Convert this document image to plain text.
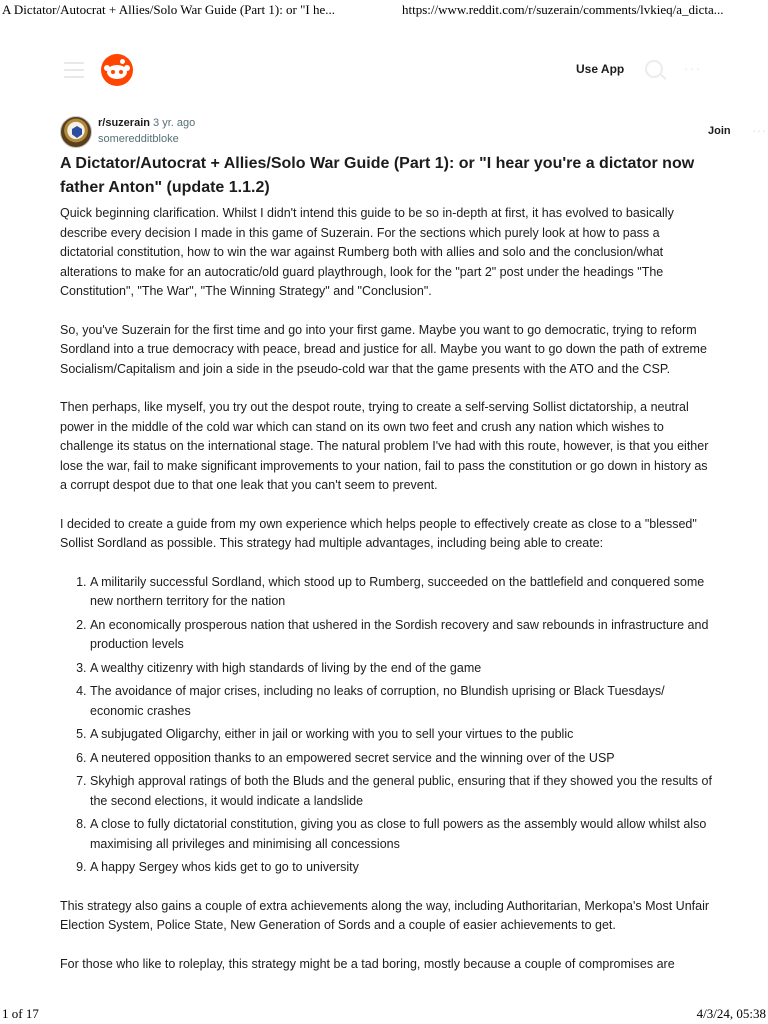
A Dictator/Autocrat + Allies/Solo War Guide (Part 1): or "I he...	https://www.reddit.com/r/suzerain/comments/lvkieq/a_dicta...
Use App	···
r/suzerain 3 yr. ago
someredditbloke
Join ···
A Dictator/Autocrat + Allies/Solo War Guide (Part 1): or "I hear you're a dictator now father Anton" (update 1.1.2)

Quick beginning clarification. Whilst I didn't intend this guide to be so in-depth at first, it has evolved to basically describe every decision I made in this game of Suzerain. For the sections which purely look at how to pass a dictatorial constitution, how to win the war against Rumberg both with allies and solo and the conclusion/what alterations to make for an autocratic/old guard playthrough, look for the "part 2" post under the headings "The Constitution", "The War", "The Winning Strategy" and "Conclusion".

So, you've Suzerain for the first time and go into your first game. Maybe you want to go democratic, trying to reform Sordland into a true democracy with peace, bread and justice for all. Maybe you want to go down the path of extreme Socialism/Capitalism and join a side in the pseudo-cold war that the game presents with the ATO and the CSP.

Then perhaps, like myself, you try out the despot route, trying to create a self-serving Sollist dictatorship, a neutral power in the middle of the cold war which can stand on its own two feet and crush any nation which wishes to challenge its status on the international stage. The natural problem I've had with this route, however, is that you either lose the war, fail to make significant improvements to your nation, fail to pass the constitution or go down in history as a corrupt despot due to that one leak that you can't seem to prevent.

I decided to create a guide from my own experience which helps people to effectively create as close to a "blessed" Sollist Sordland as possible. This strategy had multiple advantages, including being able to create:

1. A militarily successful Sordland, which stood up to Rumberg, succeeded on the battlefield and conquered some new northern territory for the nation
2. An economically prosperous nation that ushered in the Sordish recovery and saw rebounds in infrastructure and production levels
3. A wealthy citizenry with high standards of living by the end of the game
4. The avoidance of major crises, including no leaks of corruption, no Blundish uprising or Black Tuesdays/ economic crashes
5. A subjugated Oligarchy, either in jail or working with you to sell your virtues to the public
6. A neutered opposition thanks to an empowered secret service and the winning over of the USP
7. Skyhigh approval ratings of both the Bluds and the general public, ensuring that if they showed you the results of the second elections, it would indicate a landslide
8. A close to fully dictatorial constitution, giving you as close to full powers as the assembly would allow whilst also maximising all privileges and minimising all concessions
9. A happy Sergey whos kids get to go to university

This strategy also gains a couple of extra achievements along the way, including Authoritarian, Merkopa's Most Unfair Election System, Police State, New Generation of Sords and a couple of easier achievements to get.

For those who like to roleplay, this strategy might be a tad boring, mostly because a couple of compromises are

1 of 17	4/3/24, 05:38
